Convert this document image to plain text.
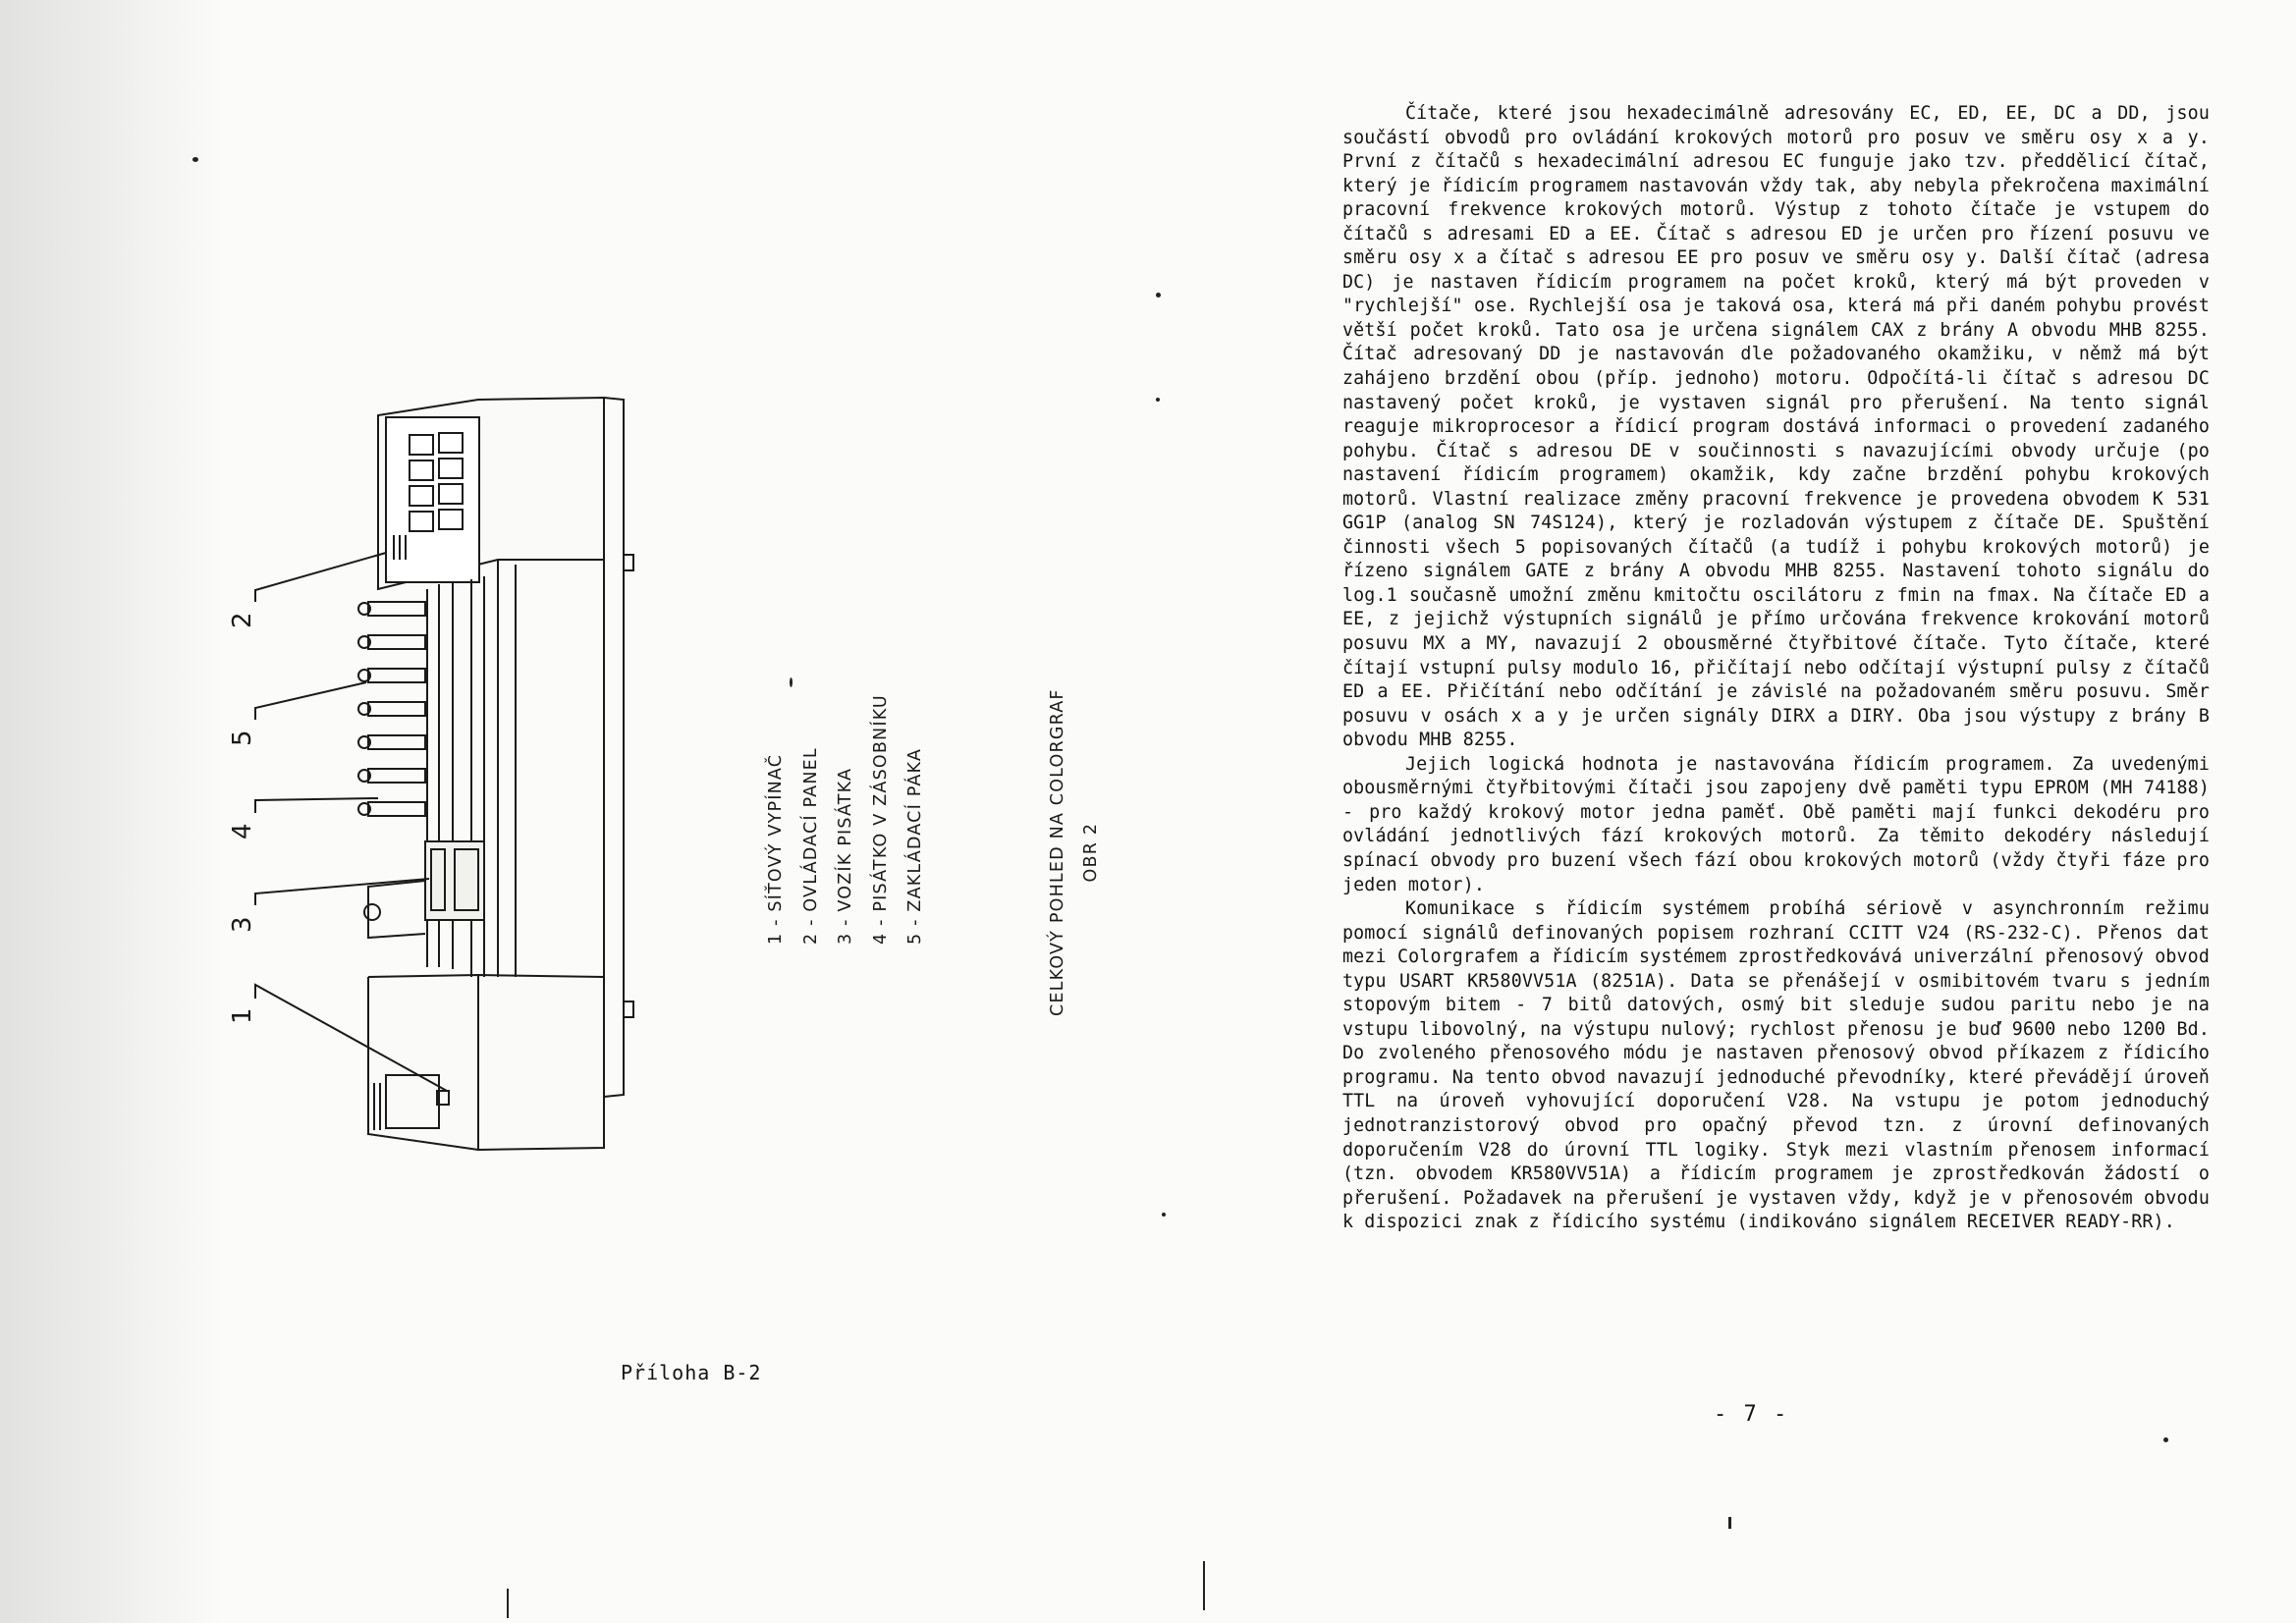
2
5
4
3
1
1 - SÍŤOVÝ VYPÍNAČ 2 - OVLÁDACÍ PANEL 3 - VOZÍK PISÁTKA 4 - PISÁTKO V ZÁSOBNÍKU 5 - ZAKLÁDACÍ PÁKA	CELKOVÝ POHLED NA COLORGRAF OBR 2
Příloha B-2

Čítače, které jsou hexadecimálně adresovány EC, ED, EE, DC a DD, jsou součástí obvodů pro ovládání krokových motorů pro posuv ve směru osy x a y. První z čítačů s hexadecimální adresou EC funguje jako tzv. předdělicí čítač, který je řídicím programem nastavován vždy tak, aby nebyla překročena maximální pracovní frekvence krokových motorů. Výstup z tohoto čítače je vstupem do čítačů s adresami ED a EE. Čítač s adresou ED je určen pro řízení posuvu ve směru osy x a čítač s adresou EE pro posuv ve směru osy y. Další čítač (adresa DC) je nastaven řídicím programem na počet kroků, který má být proveden v "rychlejší" ose. Rychlejší osa je taková osa, která má při daném pohybu provést větší počet kroků. Tato osa je určena signálem CAX z brány A obvodu MHB 8255. Čítač adresovaný DD je nastavován dle požadovaného okamžiku, v němž má být zahájeno brzdění obou (příp. jednoho) motoru. Odpočítá-li čítač s adresou DC nastavený počet kroků, je vystaven signál pro přerušení. Na tento signál reaguje mikroprocesor a řídicí program dostává informaci o provedení zadaného pohybu. Čítač s adresou DE v součinnosti s navazujícími obvody určuje (po nastavení řídicím programem) okamžik, kdy začne brzdění pohybu krokových motorů. Vlastní realizace změny pracovní frekvence je provedena obvodem K 531 GG1P (analog SN 74S124), který je rozladován výstupem z čítače DE. Spuštění činnosti všech 5 popisovaných čítačů (a tudíž i pohybu krokových motorů) je řízeno signálem GATE z brány A obvodu MHB 8255. Nastavení tohoto signálu do log.1 současně umožní změnu kmitočtu oscilátoru z fmin na fmax. Na čítače ED a EE, z jejichž výstupních signálů je přímo určována frekvence krokování motorů posuvu MX a MY, navazují 2 obousměrné čtyřbitové čítače. Tyto čítače, které čítají vstupní pulsy modulo 16, přičítají nebo odčítají výstupní pulsy z čítačů ED a EE. Přičítání nebo odčítání je závislé na požadovaném směru posuvu. Směr posuvu v osách x a y je určen signály DIRX a DIRY. Oba jsou výstupy z brány B obvodu MHB 8255.

Jejich logická hodnota je nastavována řídicím programem. Za uvedenými obousměrnými čtyřbitovými čítači jsou zapojeny dvě paměti typu EPROM (MH 74188) - pro každý krokový motor jedna paměť. Obě paměti mají funkci dekodéru pro ovládání jednotlivých fází krokových motorů. Za těmito dekodéry následují spínací obvody pro buzení všech fází obou krokových motorů (vždy čtyři fáze pro jeden motor).

Komunikace s řídicím systémem probíhá sériově v asynchronním režimu pomocí signálů definovaných popisem rozhraní CCITT V24 (RS-232-C). Přenos dat mezi Colorgrafem a řídicím systémem zprostředkovává univerzální přenosový obvod typu USART KR580VV51A (8251A). Data se přenášejí v osmibitovém tvaru s jedním stopovým bitem - 7 bitů datových, osmý bit sleduje sudou paritu nebo je na vstupu libovolný, na výstupu nulový; rychlost přenosu je buď 9600 nebo 1200 Bd. Do zvoleného přenosového módu je nastaven přenosový obvod příkazem z řídicího programu. Na tento obvod navazují jednoduché převodníky, které převádějí úroveň TTL na úroveň vyhovující doporučení V28. Na vstupu je potom jednoduchý jednotranzistorový obvod pro opačný převod tzn. z úrovní definovaných doporučením V28 do úrovní TTL logiky. Styk mezi vlastním přenosem informací (tzn. obvodem KR580VV51A) a řídicím programem je zprostředkován žádostí o přerušení. Požadavek na přerušení je vystaven vždy, když je v přenosovém obvodu k dispozici znak z řídicího systému (indikováno signálem RECEIVER READY-RR).

- 7 -
